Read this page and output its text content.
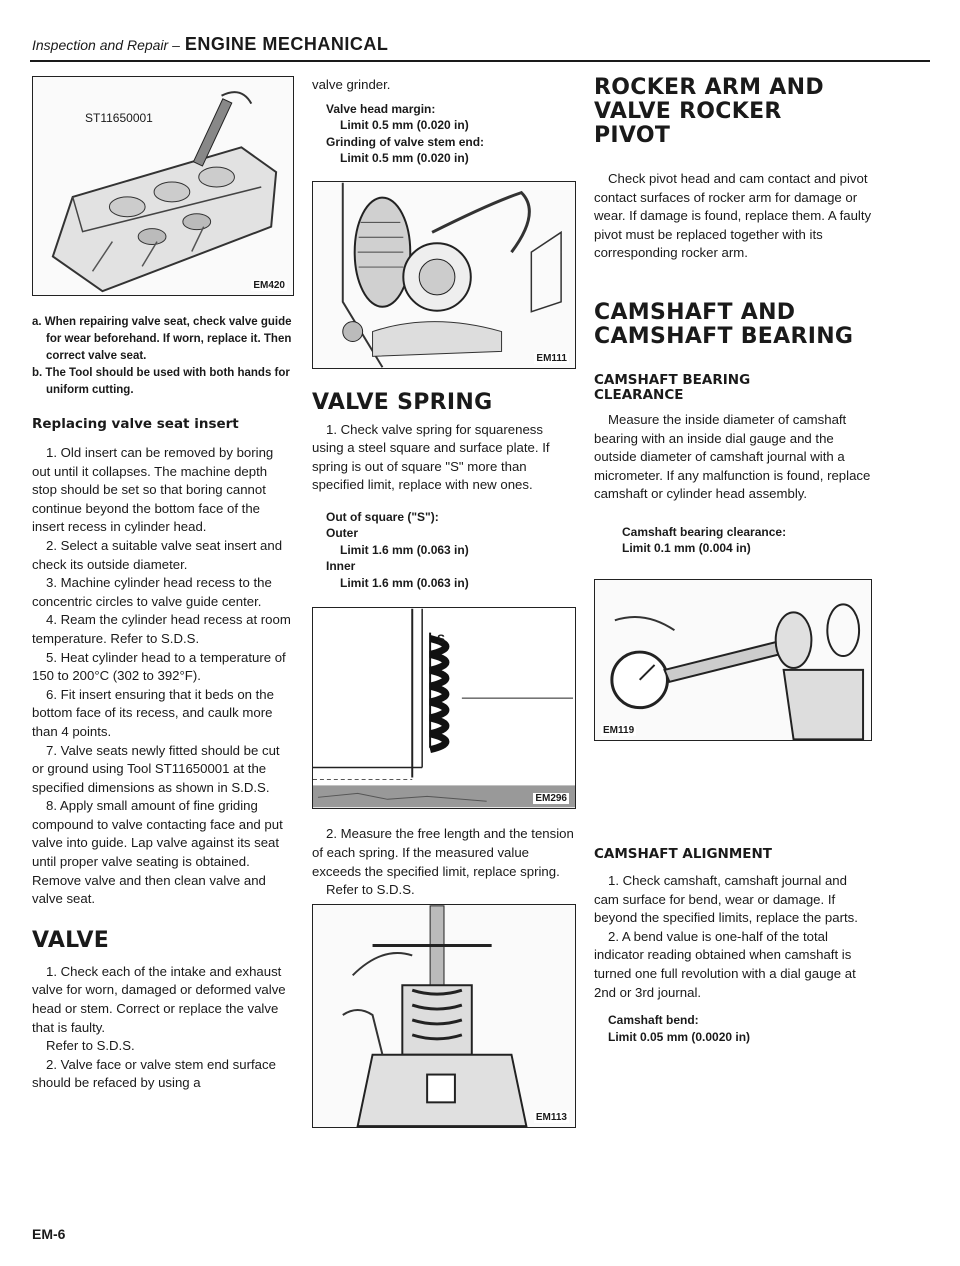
Inspection and Repair – ENGINE MECHANICAL
ST11650001
EM420

a. When repairing valve seat, check valve guide for wear beforehand. If worn, replace it. Then correct valve seat.

b. The Tool should be used with both hands for uniform cutting.

Replacing valve seat insert

1. Old insert can be removed by boring out until it collapses. The machine depth stop should be set so that boring cannot continue beyond the bottom face of the insert recess in cylinder head.

2. Select a suitable valve seat insert and check its outside diameter.

3. Machine cylinder head recess to the concentric circles to valve guide center.

4. Ream the cylinder head recess at room temperature. Refer to S.D.S.

5. Heat cylinder head to a temperature of 150 to 200°C (302 to 392°F).

6. Fit insert ensuring that it beds on the bottom face of its recess, and caulk more than 4 points.

7. Valve seats newly fitted should be cut or ground using Tool ST11650001 at the specified dimensions as shown in S.D.S.

8. Apply small amount of fine griding compound to valve contacting face and put valve into guide. Lap valve against its seat until proper valve seating is obtained. Remove valve and then clean valve and valve seat.

VALVE

1. Check each of the intake and exhaust valve for worn, damaged or deformed valve head or stem. Correct or replace the valve that is faulty.

Refer to S.D.S.

2. Valve face or valve stem end surface should be refaced by using a

valve grinder.

Valve head margin:

Limit 0.5 mm (0.020 in)

Grinding of valve stem end:

Limit 0.5 mm (0.020 in)

EM111
VALVE SPRING

1. Check valve spring for squareness using a steel square and surface plate. If spring is out of square "S" more than specified limit, replace with new ones.

Out of square ("S"):

Outer

Limit 1.6 mm (0.063 in)

Inner

Limit 1.6 mm (0.063 in)

S
EM296

2. Measure the free length and the tension of each spring. If the measured value exceeds the specified limit, replace spring.

Refer to S.D.S.

EM113
ROCKER ARM AND VALVE ROCKER PIVOT

Check pivot head and cam contact and pivot contact surfaces of rocker arm for damage or wear. If damage is found, replace them. A faulty pivot must be replaced together with its corresponding rocker arm.

CAMSHAFT AND CAMSHAFT BEARING
CAMSHAFT BEARING CLEARANCE

Measure the inside diameter of camshaft bearing with an inside dial gauge and the outside diameter of camshaft journal with a micrometer. If any malfunction is found, replace camshaft or cylinder head assembly.

Camshaft bearing clearance:

Limit 0.1 mm (0.004 in)

EM119
CAMSHAFT ALIGNMENT

1. Check camshaft, camshaft journal and cam surface for bend, wear or damage. If beyond the specified limits, replace the parts.

2. A bend value is one-half of the total indicator reading obtained when camshaft is turned one full revolution with a dial gauge at 2nd or 3rd journal.

Camshaft bend:

Limit 0.05 mm (0.0020 in)

EM-6
